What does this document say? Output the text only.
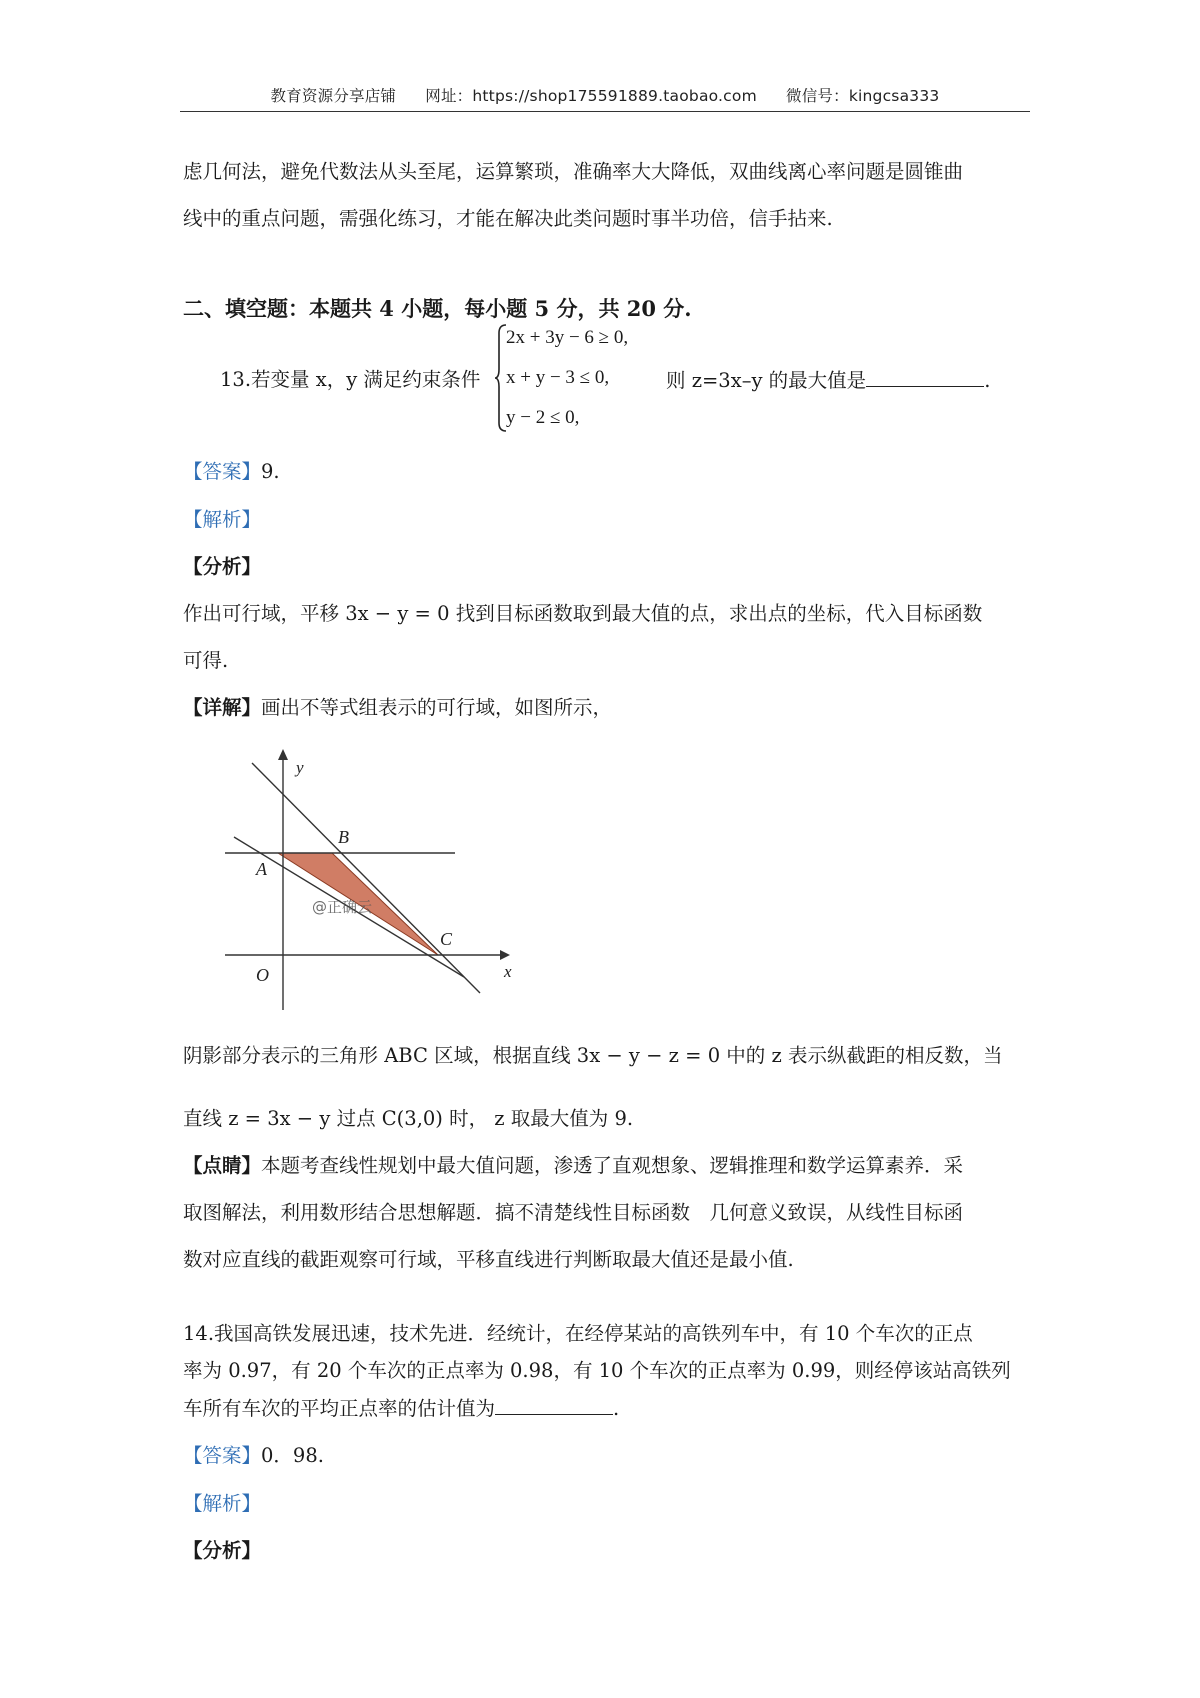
教育资源分享店铺 网址：https://shop175591889.taobao.com 微信号：kingcsa333
虑几何法，避免代数法从头至尾，运算繁琐，准确率大大降低，双曲线离心率问题是圆锥曲
线中的重点问题，需强化练习，才能在解决此类问题时事半功倍，信手拈来.
二、填空题：本题共 4 小题，每小题 5 分，共 20 分.
13.若变量 x，y 满足约束条件
2x + 3y − 6 ≥ 0,
x + y − 3 ≤ 0,
y − 2 ≤ 0,
则 z=3x–y 的最大值是	.
【答案】9.
【解析】
【分析】
作出可行域，平移 3x − y = 0 找到目标函数取到最大值的点，求出点的坐标，代入目标函数
可得.
【详解】画出不等式组表示的可行域，如图所示，
y
x
O
A
B
C
@正确云
阴影部分表示的三角形 ABC 区域，根据直线 3x − y − z = 0 中的 z 表示纵截距的相反数，当
直线 z = 3x − y 过点 C(3,0) 时， z 取最大值为 9.
【点睛】本题考查线性规划中最大值问题，渗透了直观想象、逻辑推理和数学运算素养．采
取图解法，利用数形结合思想解题．搞不清楚线性目标函数　几何意义致误，从线性目标函
数对应直线的截距观察可行域，平移直线进行判断取最大值还是最小值.
14.我国高铁发展迅速，技术先进．经统计，在经停某站的高铁列车中，有 10 个车次的正点
率为 0.97，有 20 个车次的正点率为 0.98，有 10 个车次的正点率为 0.99，则经停该站高铁列
车所有车次的平均正点率的估计值为	.
【答案】0．98.
【解析】
【分析】
